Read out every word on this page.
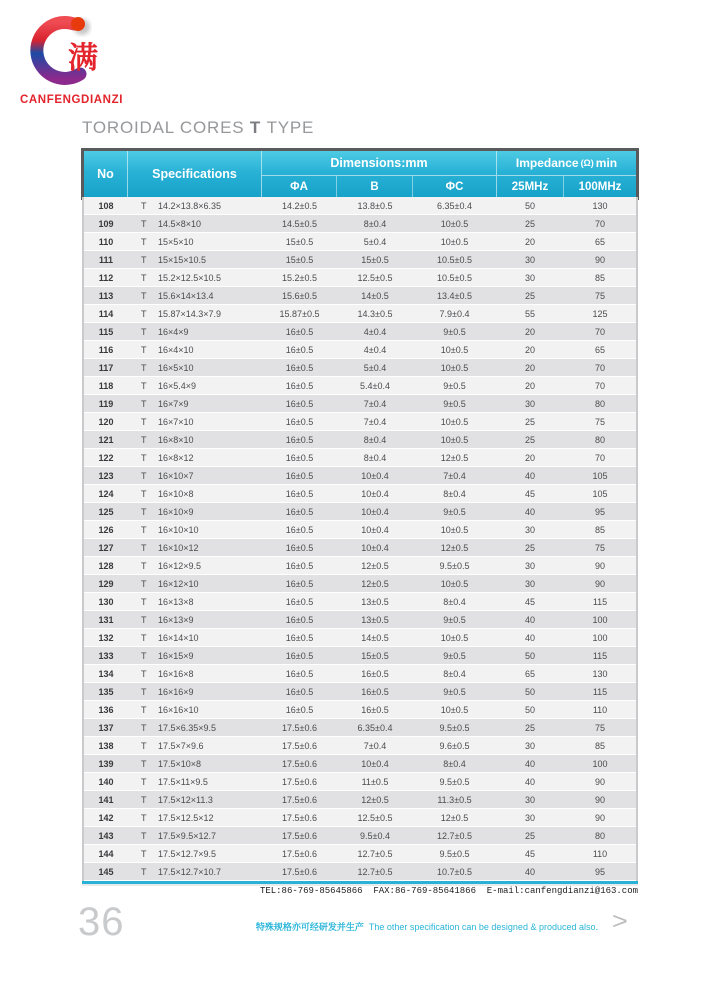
满
CANFENGDIANZI
TOROIDAL CORES T TYPE
No	Specifications
Dimensions:mm	Impedance (Ω) min
ΦA	B	ΦC	25MHz	100MHz
108	T	14.2×13.8×6.35	14.2±0.5	13.8±0.5	6.35±0.4	50	130
109	T	14.5×8×10	14.5±0.5	8±0.4	10±0.5	25	70
110	T	15×5×10	15±0.5	5±0.4	10±0.5	20	65
111	T	15×15×10.5	15±0.5	15±0.5	10.5±0.5	30	90
112	T	15.2×12.5×10.5	15.2±0.5	12.5±0.5	10.5±0.5	30	85
113	T	15.6×14×13.4	15.6±0.5	14±0.5	13.4±0.5	25	75
114	T	15.87×14.3×7.9	15.87±0.5	14.3±0.5	7.9±0.4	55	125
115	T	16×4×9	16±0.5	4±0.4	9±0.5	20	70
116	T	16×4×10	16±0.5	4±0.4	10±0.5	20	65
117	T	16×5×10	16±0.5	5±0.4	10±0.5	20	70
118	T	16×5.4×9	16±0.5	5.4±0.4	9±0.5	20	70
119	T	16×7×9	16±0.5	7±0.4	9±0.5	30	80
120	T	16×7×10	16±0.5	7±0.4	10±0.5	25	75
121	T	16×8×10	16±0.5	8±0.4	10±0.5	25	80
122	T	16×8×12	16±0.5	8±0.4	12±0.5	20	70
123	T	16×10×7	16±0.5	10±0.4	7±0.4	40	105
124	T	16×10×8	16±0.5	10±0.4	8±0.4	45	105
125	T	16×10×9	16±0.5	10±0.4	9±0.5	40	95
126	T	16×10×10	16±0.5	10±0.4	10±0.5	30	85
127	T	16×10×12	16±0.5	10±0.4	12±0.5	25	75
128	T	16×12×9.5	16±0.5	12±0.5	9.5±0.5	30	90
129	T	16×12×10	16±0.5	12±0.5	10±0.5	30	90
130	T	16×13×8	16±0.5	13±0.5	8±0.4	45	115
131	T	16×13×9	16±0.5	13±0.5	9±0.5	40	100
132	T	16×14×10	16±0.5	14±0.5	10±0.5	40	100
133	T	16×15×9	16±0.5	15±0.5	9±0.5	50	115
134	T	16×16×8	16±0.5	16±0.5	8±0.4	65	130
135	T	16×16×9	16±0.5	16±0.5	9±0.5	50	115
136	T	16×16×10	16±0.5	16±0.5	10±0.5	50	110
137	T	17.5×6.35×9.5	17.5±0.6	6.35±0.4	9.5±0.5	25	75
138	T	17.5×7×9.6	17.5±0.6	7±0.4	9.6±0.5	30	85
139	T	17.5×10×8	17.5±0.6	10±0.4	8±0.4	40	100
140	T	17.5×11×9.5	17.5±0.6	11±0.5	9.5±0.5	40	90
141	T	17.5×12×11.3	17.5±0.6	12±0.5	11.3±0.5	30	90
142	T	17.5×12.5×12	17.5±0.6	12.5±0.5	12±0.5	30	90
143	T	17.5×9.5×12.7	17.5±0.6	9.5±0.4	12.7±0.5	25	80
144	T	17.5×12.7×9.5	17.5±0.6	12.7±0.5	9.5±0.5	45	110
145	T	17.5×12.7×10.7	17.5±0.6	12.7±0.5	10.7±0.5	40	95
TEL:86-769-85645866  FAX:86-769-85641866  E-mail:canfengdianzi@163.com
36	特殊规格亦可经研发并生产 The other specification can be designed & produced also. >
